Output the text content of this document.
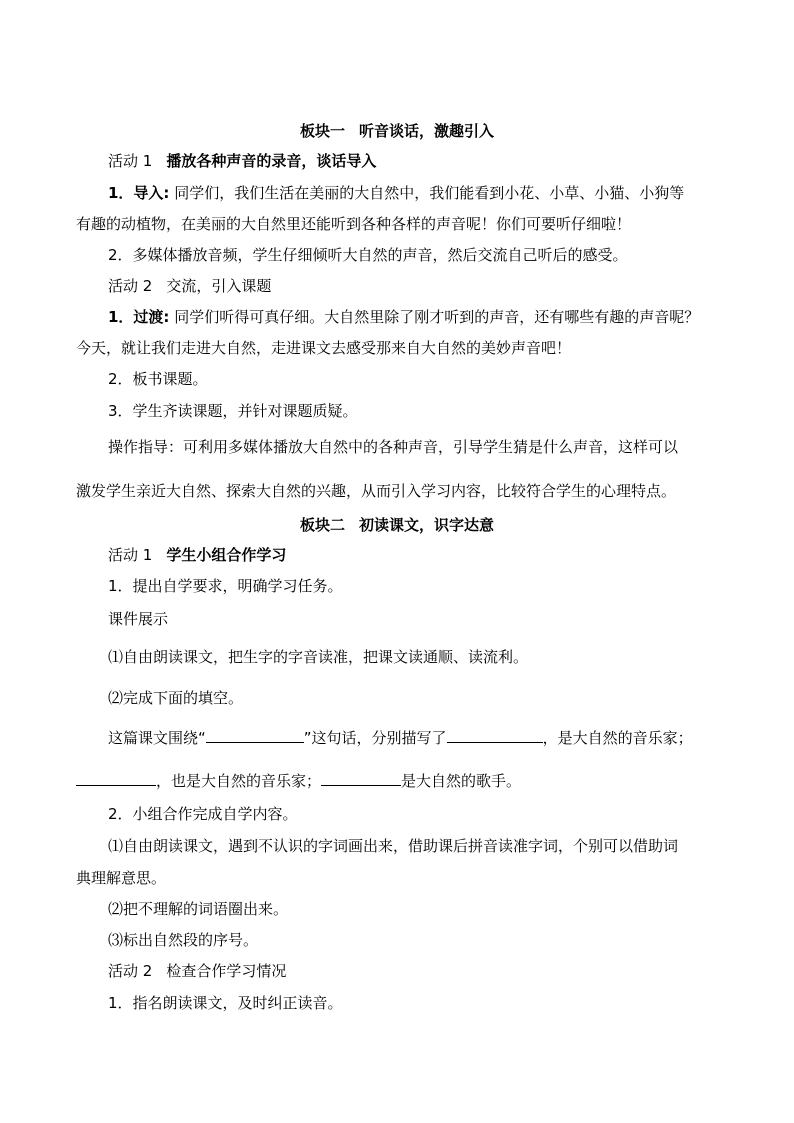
板块一 听音谈话，激趣引入
活动 1 播放各种声音的录音，谈话导入
1．导入: 同学们，我们生活在美丽的大自然中，我们能看到小花、小草、小猫、小狗等
有趣的动植物，在美丽的大自然里还能听到各种各样的声音呢！你们可要听仔细啦！
2．多媒体播放音频，学生仔细倾听大自然的声音，然后交流自己听后的感受。
活动 2 交流，引入课题
1．过渡: 同学们听得可真仔细。大自然里除了刚才听到的声音，还有哪些有趣的声音呢？
今天，就让我们走进大自然，走进课文去感受那来自大自然的美妙声音吧！
2．板书课题。
3．学生齐读课题，并针对课题质疑。
操作指导：可利用多媒体播放大自然中的各种声音，引导学生猜是什么声音，这样可以
激发学生亲近大自然、探索大自然的兴趣，从而引入学习内容，比较符合学生的心理特点。
板块二 初读课文，识字达意
活动 1 学生小组合作学习
1．提出自学要求，明确学习任务。
课件展示
⑴自由朗读课文，把生字的字音读准，把课文读通顺、读流利。
⑵完成下面的填空。
这篇课文围绕“	”这句话，分别描写了	，是大自然的音乐家；
，也是大自然的音乐家；	是大自然的歌手。
2．小组合作完成自学内容。
⑴自由朗读课文，遇到不认识的字词画出来，借助课后拼音读准字词，个别可以借助词
典理解意思。
⑵把不理解的词语圈出来。
⑶标出自然段的序号。
活动 2 检查合作学习情况
1．指名朗读课文，及时纠正读音。
